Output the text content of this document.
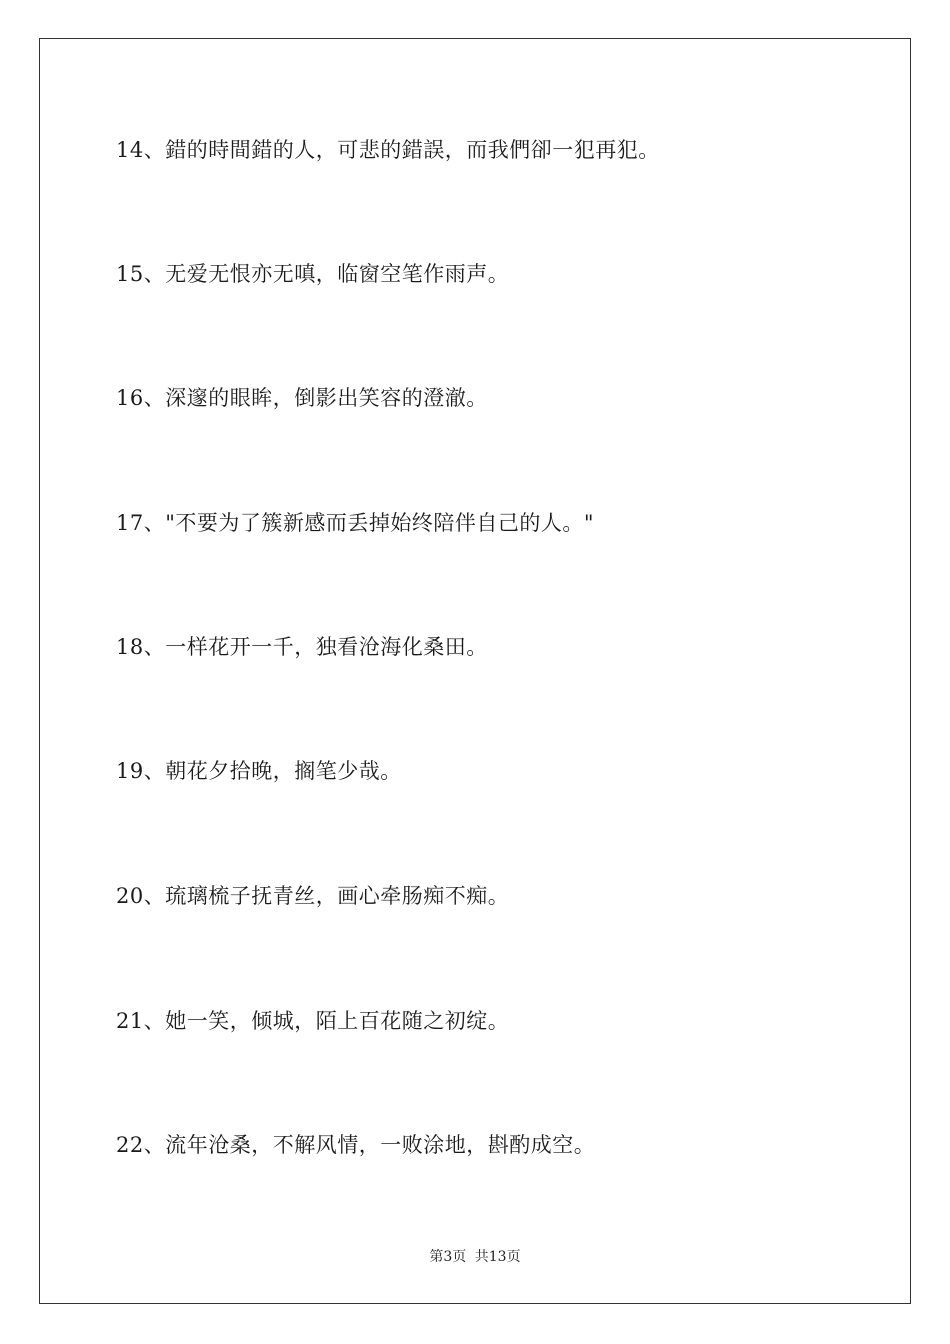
14、錯的時間錯的人，可悲的錯誤，而我們卻一犯再犯。
15、无爱无恨亦无嗔，临窗空笔作雨声。
16、深邃的眼眸，倒影出笑容的澄澈。
17、"不要为了簇新感而丢掉始终陪伴自己的人。"
18、一样花开一千，独看沧海化桑田。
19、朝花夕拾晚，搁笔少哉。
20、琉璃梳子抚青丝，画心牵肠痴不痴。
21、她一笑，倾城，陌上百花随之初绽。
22、流年沧桑，不解风情，一败涂地，斟酌成空。
第3页 共13页
